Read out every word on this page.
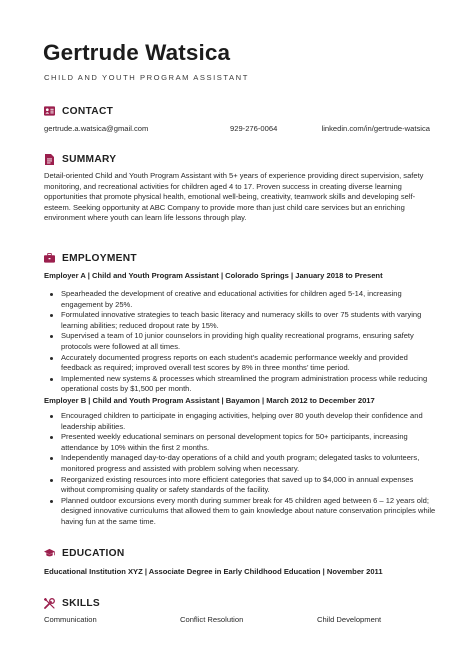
Gertrude Watsica
CHILD AND YOUTH PROGRAM ASSISTANT
CONTACT
gertrude.a.watsica@gmail.com	929-276-0064	linkedin.com/in/gertrude-watsica
SUMMARY
Detail-oriented Child and Youth Program Assistant with 5+ years of experience providing direct supervision, safety monitoring, and recreational activities for children aged 4 to 17. Proven success in creating diverse learning opportunities that promote physical health, emotional well-being, creativity, teamwork skills and developing self-esteem. Seeking opportunity at ABC Company to provide more than just child care services but an enriching environment where youth can learn life lessons through play.
EMPLOYMENT
Employer A | Child and Youth Program Assistant | Colorado Springs | January 2018 to Present
Spearheaded the development of creative and educational activities for children aged 5-14, increasing engagement by 25%.
Formulated innovative strategies to teach basic literacy and numeracy skills to over 75 students with varying learning abilities; reduced dropout rate by 15%.
Supervised a team of 10 junior counselors in providing high quality recreational programs, ensuring safety protocols were followed at all times.
Accurately documented progress reports on each student’s academic performance weekly and provided feedback as required; improved overall test scores by 8% in three months’ time period.
Implemented new systems & processes which streamlined the program administration process while reducing operational costs by $1,500 per month.
Employer B | Child and Youth Program Assistant | Bayamon | March 2012 to December 2017
Encouraged children to participate in engaging activities, helping over 80 youth develop their confidence and leadership abilities.
Presented weekly educational seminars on personal development topics for 50+ participants, increasing attendance by 10% within the first 2 months.
Independently managed day-to-day operations of a child and youth program; delegated tasks to volunteers, monitored progress and assisted with problem solving when necessary.
Reorganized existing resources into more efficient categories that saved up to $4,000 in annual expenses without compromising quality or safety standards of the facility.
Planned outdoor excursions every month during summer break for 45 children aged between 6 – 12 years old; designed innovative curriculums that allowed them to gain knowledge about nature conservation principles while having fun at the same time.
EDUCATION
Educational Institution XYZ | Associate Degree in Early Childhood Education | November 2011
SKILLS
Communication	Conflict Resolution	Child Development
